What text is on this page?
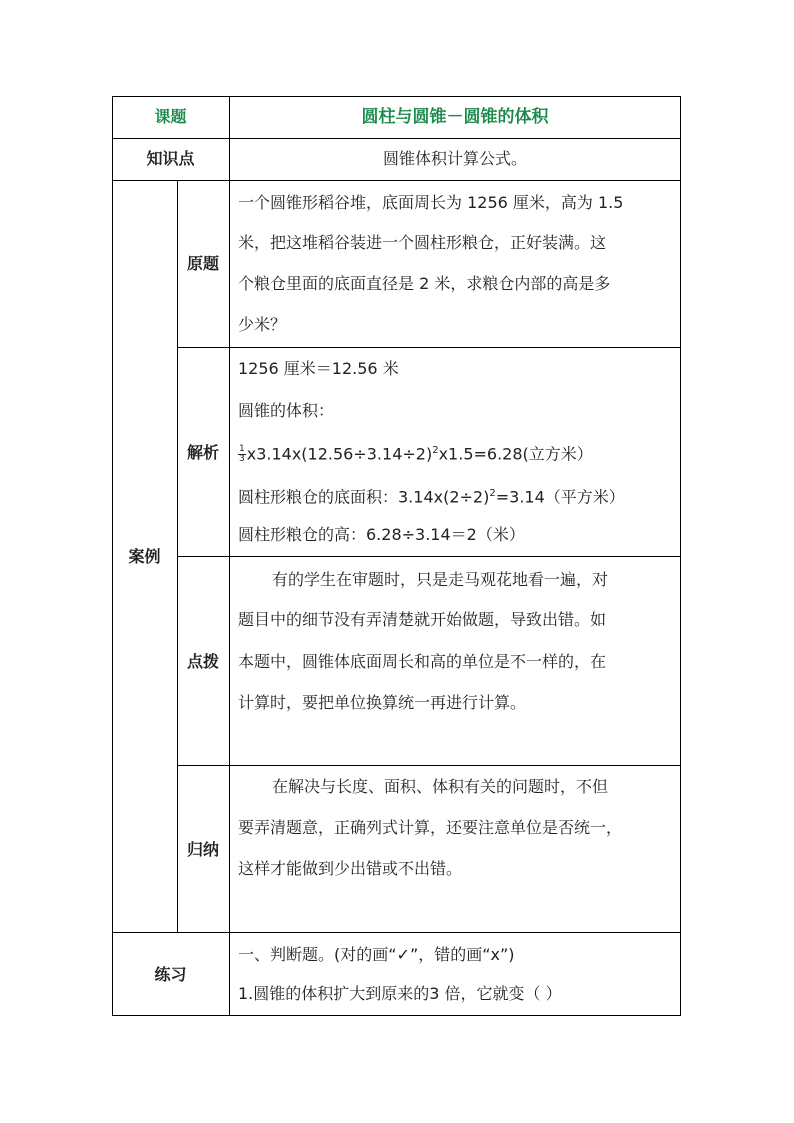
课题	圆柱与圆锥－圆锥的体积
知识点	圆锥体积计算公式。
案例
原题
一个圆锥形稻谷堆，底面周长为 1256 厘米，高为 1.5
米，把这堆稻谷装进一个圆柱形粮仓，正好装满。这
个粮仓里面的底面直径是 2 米，求粮仓内部的高是多
少米？
解析
1256 厘米＝12.56 米
圆锥的体积：
$\frac{1}{3} x3.14x(12.56\div 3.14\div 2)^2x1.5=6.28$(立方米）
圆柱形粮仓的底面积：$3.14x(2\div 2)^2=3.14$（平方米）
圆柱形粮仓的高：6.28÷3.14＝2（米）
点拨
有的学生在审题时，只是走马观花地看一遍，对
题目中的细节没有弄清楚就开始做题，导致出错。如
本题中，圆锥体底面周长和高的单位是不一样的，在
计算时，要把单位换算统一再进行计算。
归纳
在解决与长度、面积、体积有关的问题时，不但
要弄清题意，正确列式计算，还要注意单位是否统一，
这样才能做到少出错或不出错。
练习
一、判断题。(对的画“✓”，错的画“x”)
1.圆锥的体积扩大到原来的3 倍，它就变（ ）
